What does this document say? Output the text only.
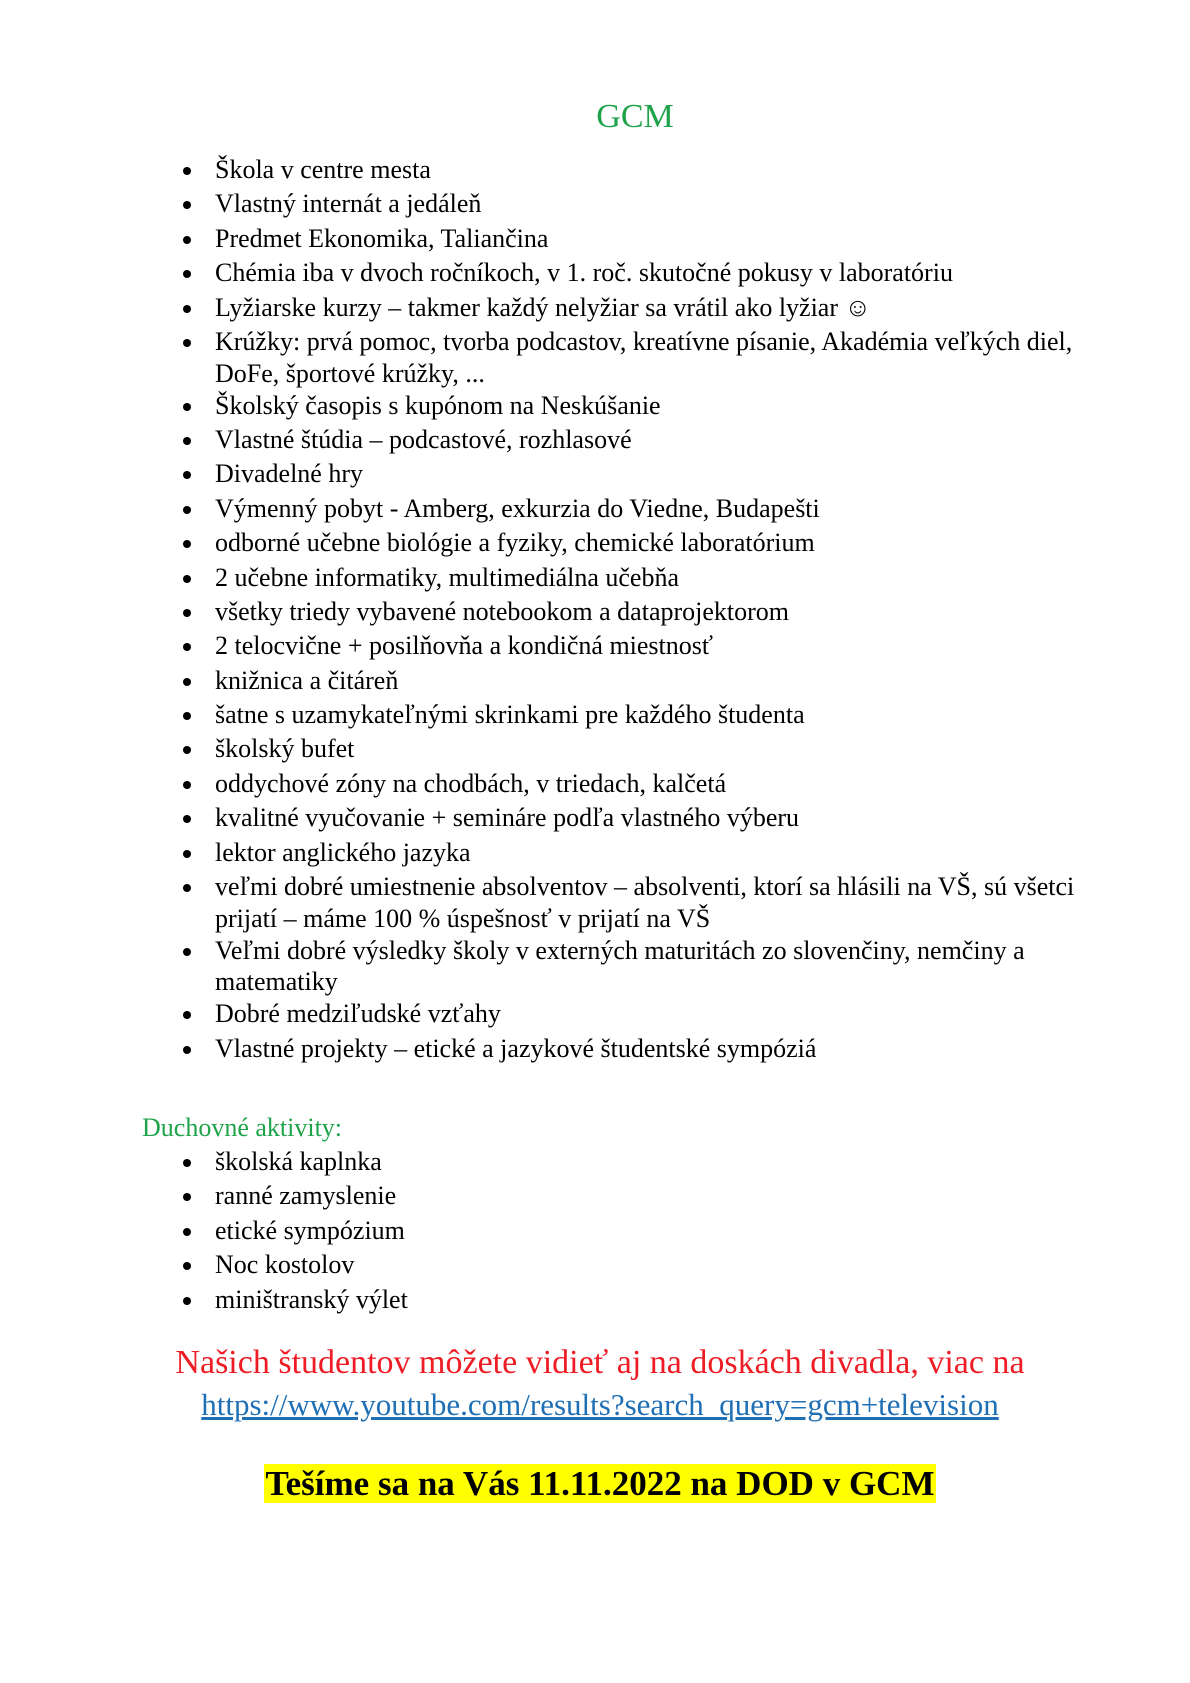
GCM
Škola v centre mesta
Vlastný internát a jedáleň
Predmet Ekonomika, Taliančina
Chémia iba v dvoch ročníkoch, v 1. roč. skutočné pokusy v laboratóriu
Lyžiarske kurzy – takmer každý nelyžiar sa vrátil ako lyžiar ☺
Krúžky: prvá pomoc, tvorba podcastov, kreatívne písanie, Akadémia veľkých diel, DoFe, športové krúžky, ...
Školský časopis s kupónom na Neskúšanie
Vlastné štúdia – podcastové, rozhlasové
Divadelné hry
Výmenný pobyt - Amberg, exkurzia do Viedne, Budapešti
odborné učebne biológie a fyziky, chemické laboratórium
2 učebne informatiky, multimediálna učebňa
všetky triedy vybavené notebookom a dataprojektorom
2 telocvične + posilňovňa a kondičná miestnosť
knižnica a čitáreň
šatne s uzamykateľnými skrinkami pre každého študenta
školský bufet
oddychové zóny na chodbách, v triedach, kalčetá
kvalitné vyučovanie + semináre podľa vlastného výberu
lektor anglického jazyka
veľmi dobré umiestnenie absolventov – absolventi, ktorí sa hlásili na VŠ, sú všetci prijatí – máme 100 % úspešnosť v prijatí na VŠ
Veľmi dobré výsledky školy v externých maturitách zo slovenčiny, nemčiny a matematiky
Dobré medziľudské vzťahy
Vlastné projekty – etické a jazykové študentské sympóziá
Duchovné aktivity:
školská kaplnka
ranné zamyslenie
etické sympózium
Noc kostolov
miništranský výlet
Našich študentov môžete vidieť aj na doskách divadla, viac na
https://www.youtube.com/results?search_query=gcm+television
Tešíme sa na Vás 11.11.2022 na DOD v GCM
